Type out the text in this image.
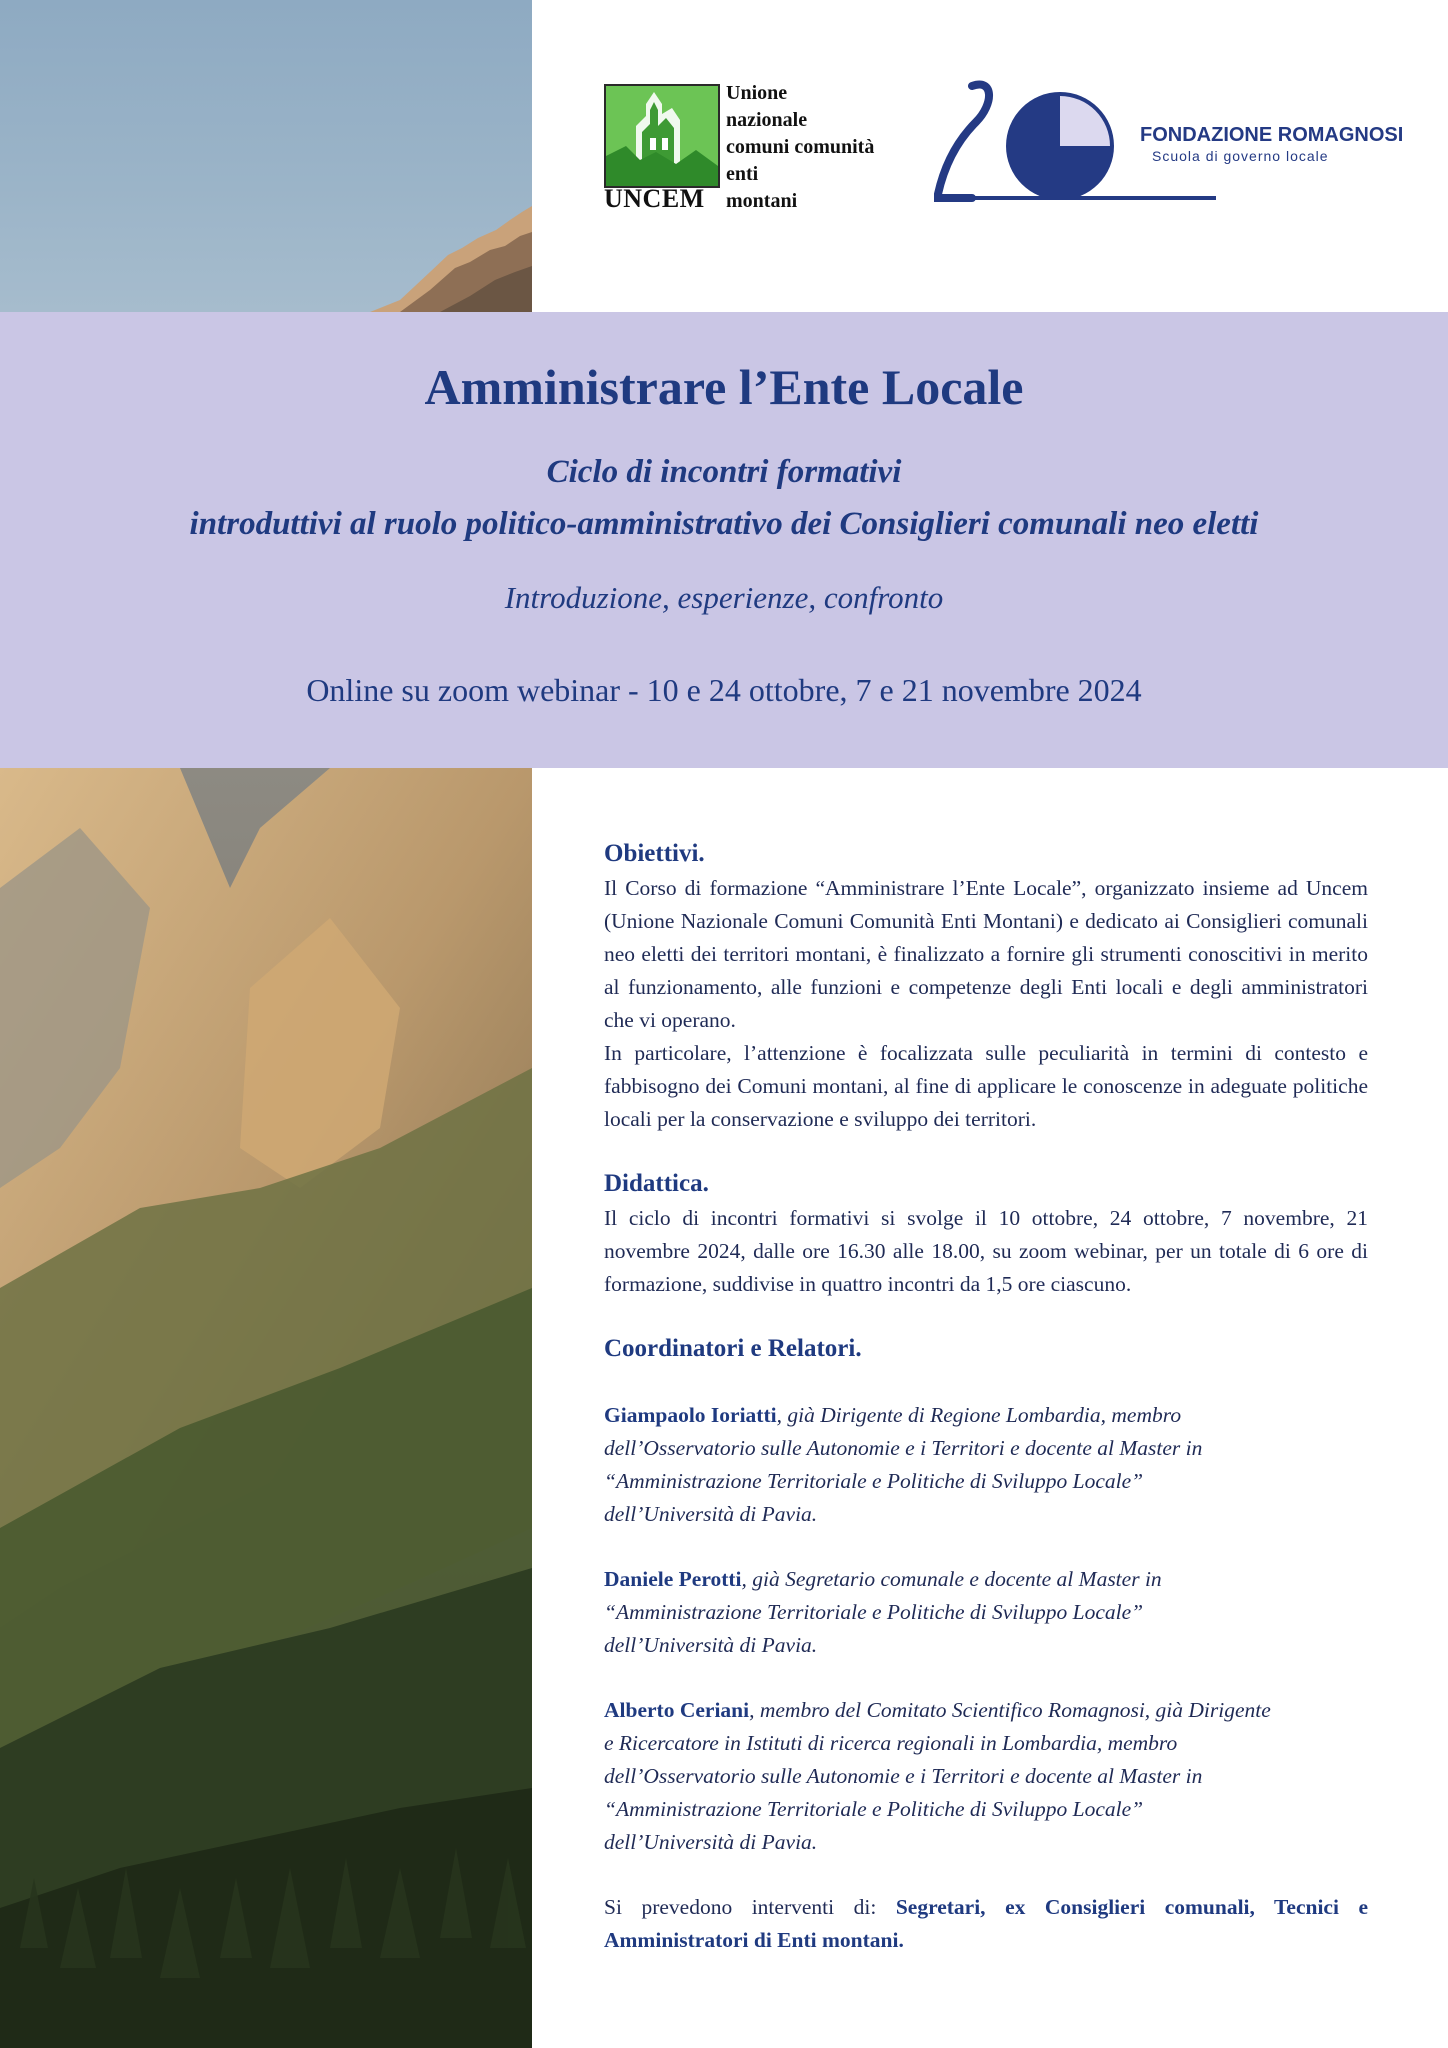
UNCEM
Unione
nazionale
comuni comunità
enti
montani
FONDAZIONE ROMAGNOSI
Scuola di governo locale
Amministrare l’Ente Locale
Ciclo di incontri formativi
introduttivi al ruolo politico-amministrativo dei Consiglieri comunali neo eletti
Introduzione, esperienze, confronto
Online su zoom webinar - 10 e 24 ottobre, 7 e 21 novembre 2024
Obiettivi.

Il Corso di formazione “Amministrare l’Ente Locale”, organizzato insieme ad Uncem (Unione Nazionale Comuni Comunità Enti Montani) e dedicato ai Consiglieri comunali neo eletti dei territori montani, è finalizzato a fornire gli strumenti conoscitivi in merito al funzionamento, alle funzioni e competenze degli Enti locali e degli amministratori che vi operano.

In particolare, l’attenzione è focalizzata sulle peculiarità in termini di contesto e fabbisogno dei Comuni montani, al fine di applicare le conoscenze in adeguate politiche locali per la conservazione e sviluppo dei territori.

Didattica.

Il ciclo di incontri formativi si svolge il 10 ottobre, 24 ottobre, 7 novembre, 21 novembre 2024, dalle ore 16.30 alle 18.00, su zoom webinar, per un totale di 6 ore di formazione, suddivise in quattro incontri da 1,5 ore ciascuno.

Coordinatori e Relatori.
Giampaolo Ioriatti, già Dirigente di Regione Lombardia, membro
dell’Osservatorio sulle Autonomie e i Territori e docente al Master in
“Amministrazione Territoriale e Politiche di Sviluppo Locale”
dell’Università di Pavia.
Daniele Perotti, già Segretario comunale e docente al Master in
“Amministrazione Territoriale e Politiche di Sviluppo Locale”
dell’Università di Pavia.
Alberto Ceriani, membro del Comitato Scientifico Romagnosi, già Dirigente
e Ricercatore in Istituti di ricerca regionali in Lombardia, membro
dell’Osservatorio sulle Autonomie e i Territori e docente al Master in
“Amministrazione Territoriale e Politiche di Sviluppo Locale”
dell’Università di Pavia.

Si prevedono interventi di: Segretari, ex Consiglieri comunali, Tecnici e Amministratori di Enti montani.
